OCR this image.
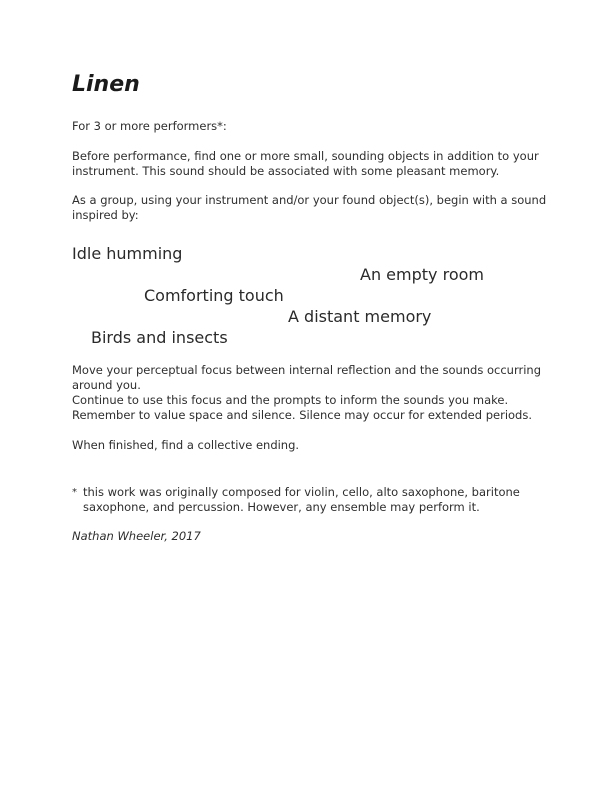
Linen

For 3 or more performers*:

Before performance, find one or more small, sounding objects in addition to your
instrument. This sound should be associated with some pleasant memory.

As a group, using your instrument and/or your found object(s), begin with a sound
inspired by:

Idle humming

An empty room

Comforting touch

A distant memory

Birds and insects

Move your perceptual focus between internal reflection and the sounds occurring
around you.
Continue to use this focus and the prompts to inform the sounds you make.
Remember to value space and silence. Silence may occur for extended periods.

When finished, find a collective ending.

* this work was originally composed for violin, cello, alto saxophone, baritone
saxophone, and percussion. However, any ensemble may perform it.

Nathan Wheeler, 2017
